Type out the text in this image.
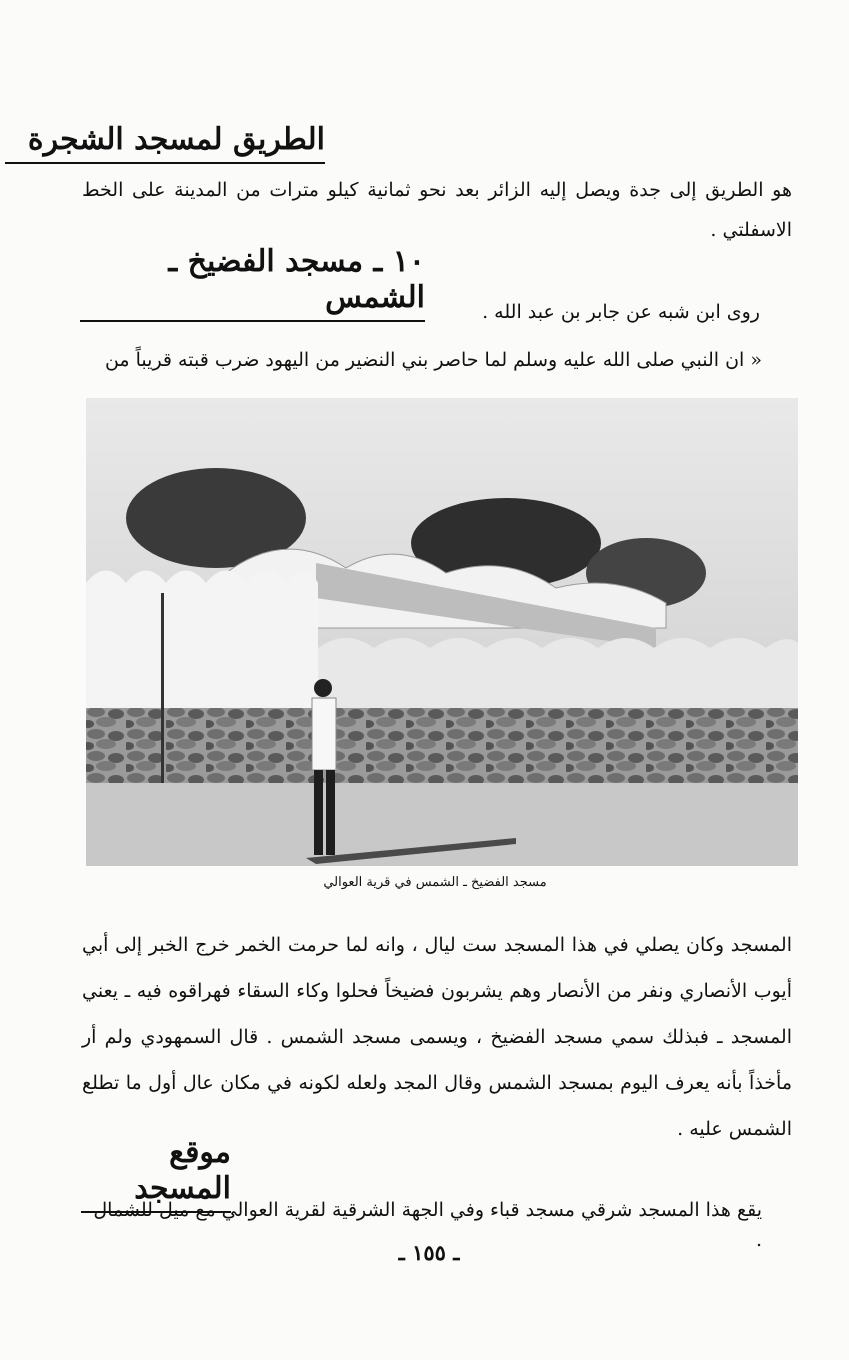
الطريق لمسجد الشجرة
هو الطريق إلى جدة ويصل إليه الزائر بعد نحو ثمانية كيلو مترات من المدينة على الخط الاسفلتي .
١٠ ـ مسجد الفضيخ ـ الشمس	روى ابن شبه عن جابر بن عبد الله .
« ان النبي صلى الله عليه وسلم لما حاصر بني النضير من اليهود ضرب قبته قريباً من
مسجد الفضيخ ـ الشمس في قرية العوالي
المسجد وكان يصلي في هذا المسجد ست ليال ، وانه لما حرمت الخمر خرج الخبر إلى أبي أيوب الأنصاري ونفر من الأنصار وهم يشربون فضيخاً فحلوا وكاء السقاء فهراقوه فيه ـ يعني المسجد ـ فبذلك سمي مسجد الفضيخ ، ويسمى مسجد الشمس . قال السمهودي ولم أر مأخذاً بأنه يعرف اليوم بمسجد الشمس وقال المجد ولعله لكونه في مكان عال أول ما تطلع الشمس عليه .
موقع المسجد
يقع هذا المسجد شرقي مسجد قباء وفي الجهة الشرقية لقرية العوالي مع ميل للشمال .
ـ ١٥٥ ـ
